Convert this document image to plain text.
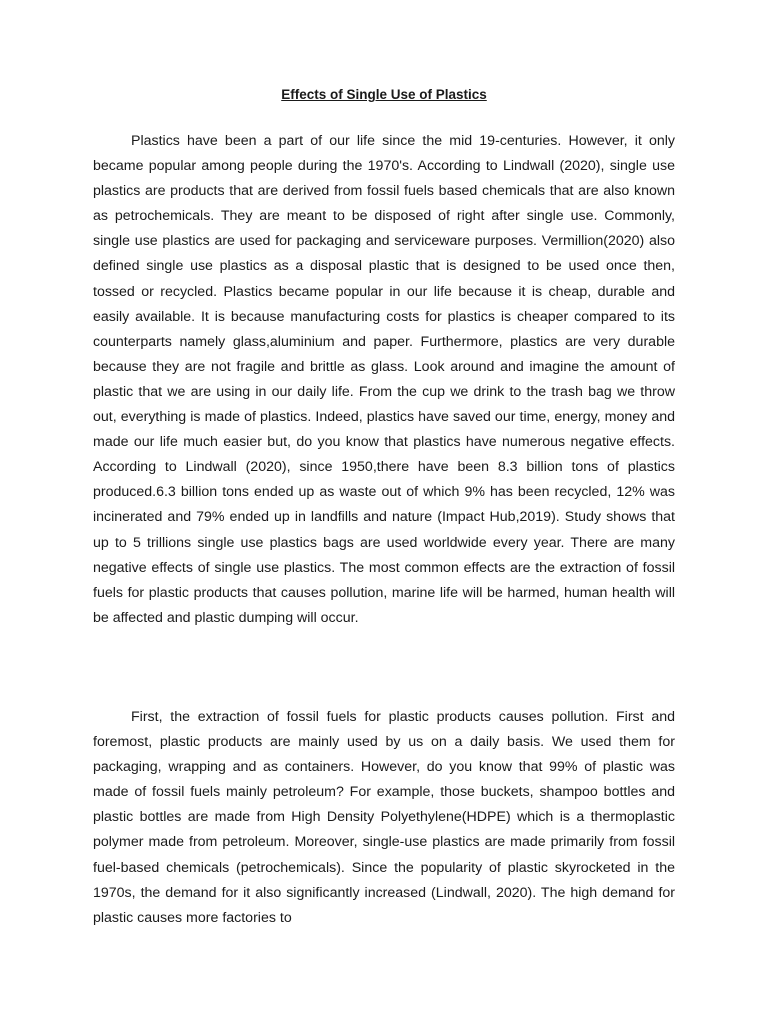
Effects of Single Use of Plastics

Plastics have been a part of our life since the mid 19-centuries. However, it only became popular among people during the 1970's. According to Lindwall (2020), single use plastics are products that are derived from fossil fuels based chemicals that are also known as petrochemicals. They are meant to be disposed of right after single use. Commonly, single use plastics are used for packaging and serviceware purposes. Vermillion(2020) also defined single use plastics as a disposal plastic that is designed to be used once then, tossed or recycled. Plastics became popular in our life because it is cheap, durable and easily available. It is because manufacturing costs for plastics is cheaper compared to its counterparts namely glass,aluminium and paper. Furthermore, plastics are very durable because they are not fragile and brittle as glass. Look around and imagine the amount of plastic that we are using in our daily life. From the cup we drink to the trash bag we throw out, everything is made of plastics. Indeed, plastics have saved our time, energy, money and made our life much easier but, do you know that plastics have numerous negative effects. According to Lindwall (2020), since 1950,there have been 8.3 billion tons of plastics produced.6.3 billion tons ended up as waste out of which 9% has been recycled, 12% was incinerated and 79% ended up in landfills and nature (Impact Hub,2019). Study shows that up to 5 trillions single use plastics bags are used worldwide every year. There are many negative effects of single use plastics. The most common effects are the extraction of fossil fuels for plastic products that causes pollution, marine life will be harmed, human health will be affected and plastic dumping will occur.

First, the extraction of fossil fuels for plastic products causes pollution. First and foremost, plastic products are mainly used by us on a daily basis. We used them for packaging, wrapping and as containers. However, do you know that 99% of plastic was made of fossil fuels mainly petroleum? For example, those buckets, shampoo bottles and plastic bottles are made from High Density Polyethylene(HDPE) which is a thermoplastic polymer made from petroleum. Moreover, single-use plastics are made primarily from fossil fuel-based chemicals (petrochemicals). Since the popularity of plastic skyrocketed in the 1970s, the demand for it also significantly increased (Lindwall, 2020). The high demand for plastic causes more factories to
